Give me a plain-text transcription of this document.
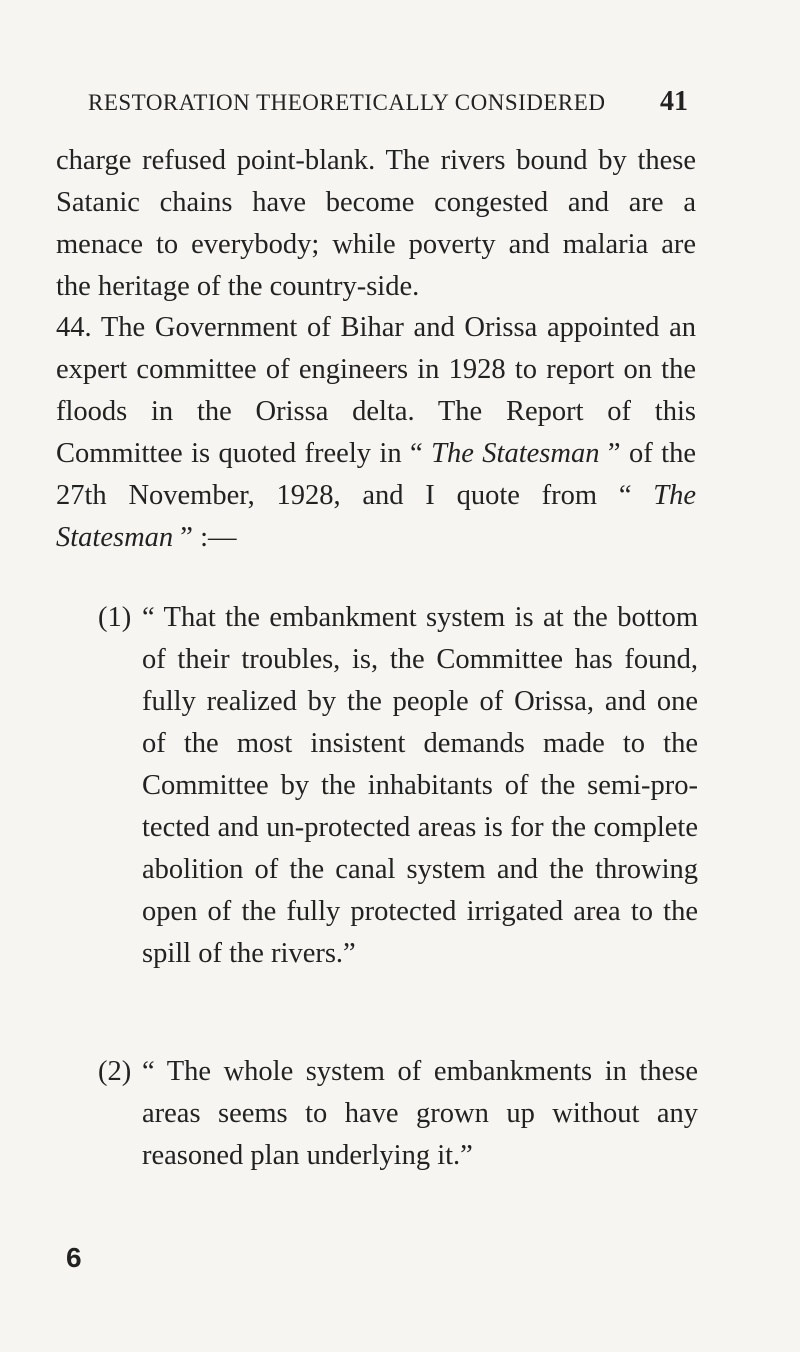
RESTORATION THEORETICALLY CONSIDERED 41

charge refused point-blank. The rivers bound by these Satanic chains have become congested and are a menace to everybody; while poverty and malaria are the heritage of the country-side.

44. The Government of Bihar and Orissa appointed an expert committee of engineers in 1928 to report on the floods in the Orissa delta. The Report of this Committee is quoted freely in “ The Statesman ” of the 27th November, 1928, and I quote from “ The Statesman ” :—

(1) “ That the embankment system is at the bottom of their troubles, is, the Committee has found, fully realized by the people of Orissa, and one of the most insistent demands made to the Committee by the inhabitants of the semi-protected and un-protected areas is for the complete abolition of the canal system and the throwing open of the fully protected irrigated area to the spill of the rivers.”
(2) “ The whole system of embankments in these areas seems to have grown up without any reasoned plan underlying it.”
6
